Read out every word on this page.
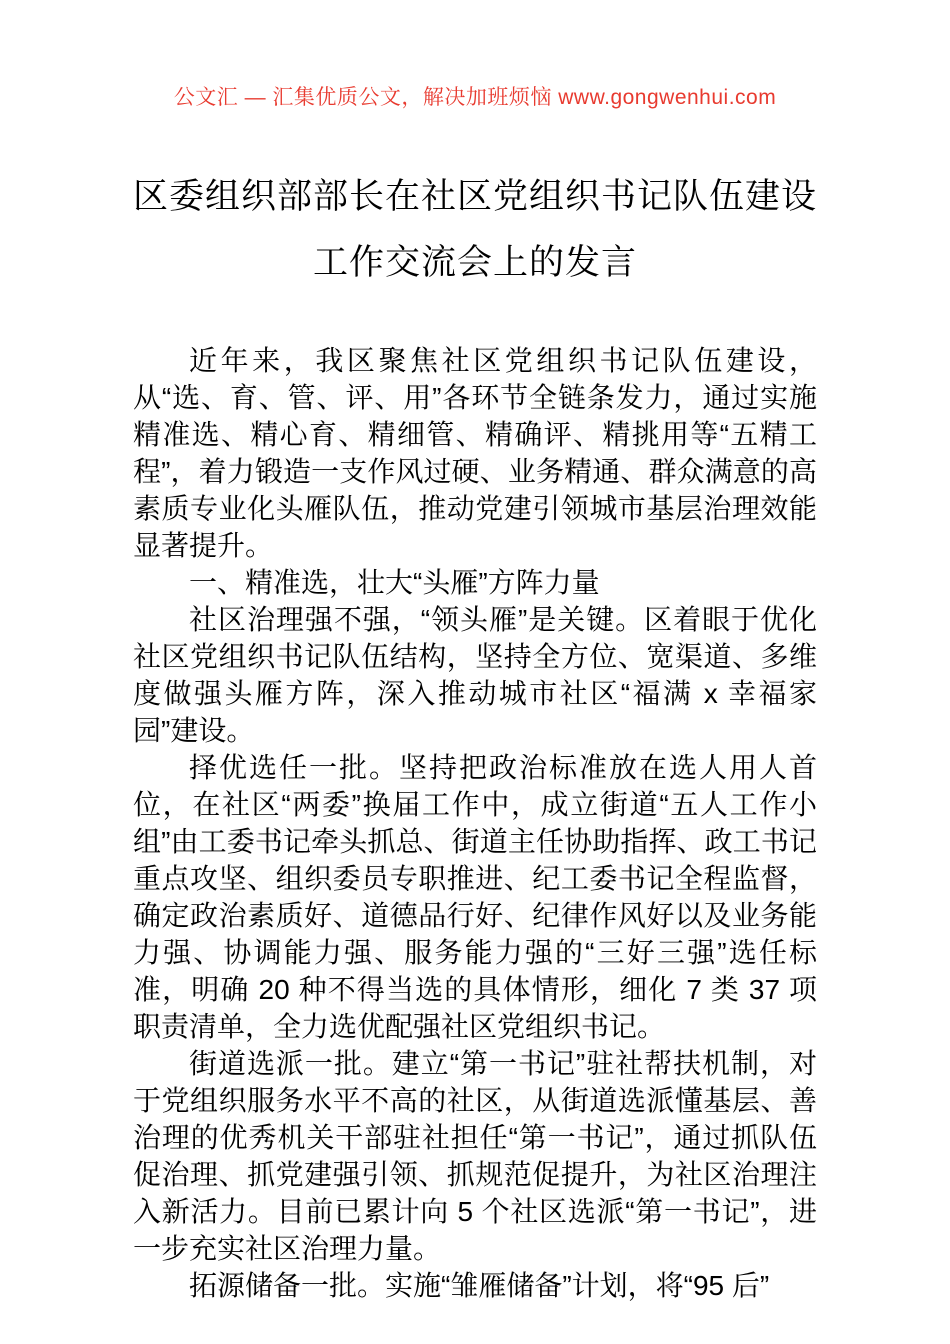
公文汇 — 汇集优质公文，解决加班烦恼 www.gongwenhui.com
区委组织部部长在社区党组织书记队伍建设工作交流会上的发言

近年来，我区聚焦社区党组织书记队伍建设，从“选、育、管、评、用”各环节全链条发力，通过实施精准选、精心育、精细管、精确评、精挑用等“五精工程”，着力锻造一支作风过硬、业务精通、群众满意的高素质专业化头雁队伍，推动党建引领城市基层治理效能显著提升。

一、精准选，壮大“头雁”方阵力量

社区治理强不强，“领头雁”是关键。区着眼于优化社区党组织书记队伍结构，坚持全方位、宽渠道、多维度做强头雁方阵，深入推动城市社区“福满 x 幸福家园”建设。

择优选任一批。坚持把政治标准放在选人用人首位，在社区“两委”换届工作中，成立街道“五人工作小组”由工委书记牵头抓总、街道主任协助指挥、政工书记重点攻坚、组织委员专职推进、纪工委书记全程监督，确定政治素质好、道德品行好、纪律作风好以及业务能力强、协调能力强、服务能力强的“三好三强”选任标准，明确 20 种不得当选的具体情形，细化 7 类 37 项职责清单，全力选优配强社区党组织书记。

街道选派一批。建立“第一书记”驻社帮扶机制，对于党组织服务水平不高的社区，从街道选派懂基层、善治理的优秀机关干部驻社担任“第一书记”，通过抓队伍促治理、抓党建强引领、抓规范促提升，为社区治理注入新活力。目前已累计向 5 个社区选派“第一书记”，进一步充实社区治理力量。

拓源储备一批。实施“雏雁储备”计划，将“95 后”
